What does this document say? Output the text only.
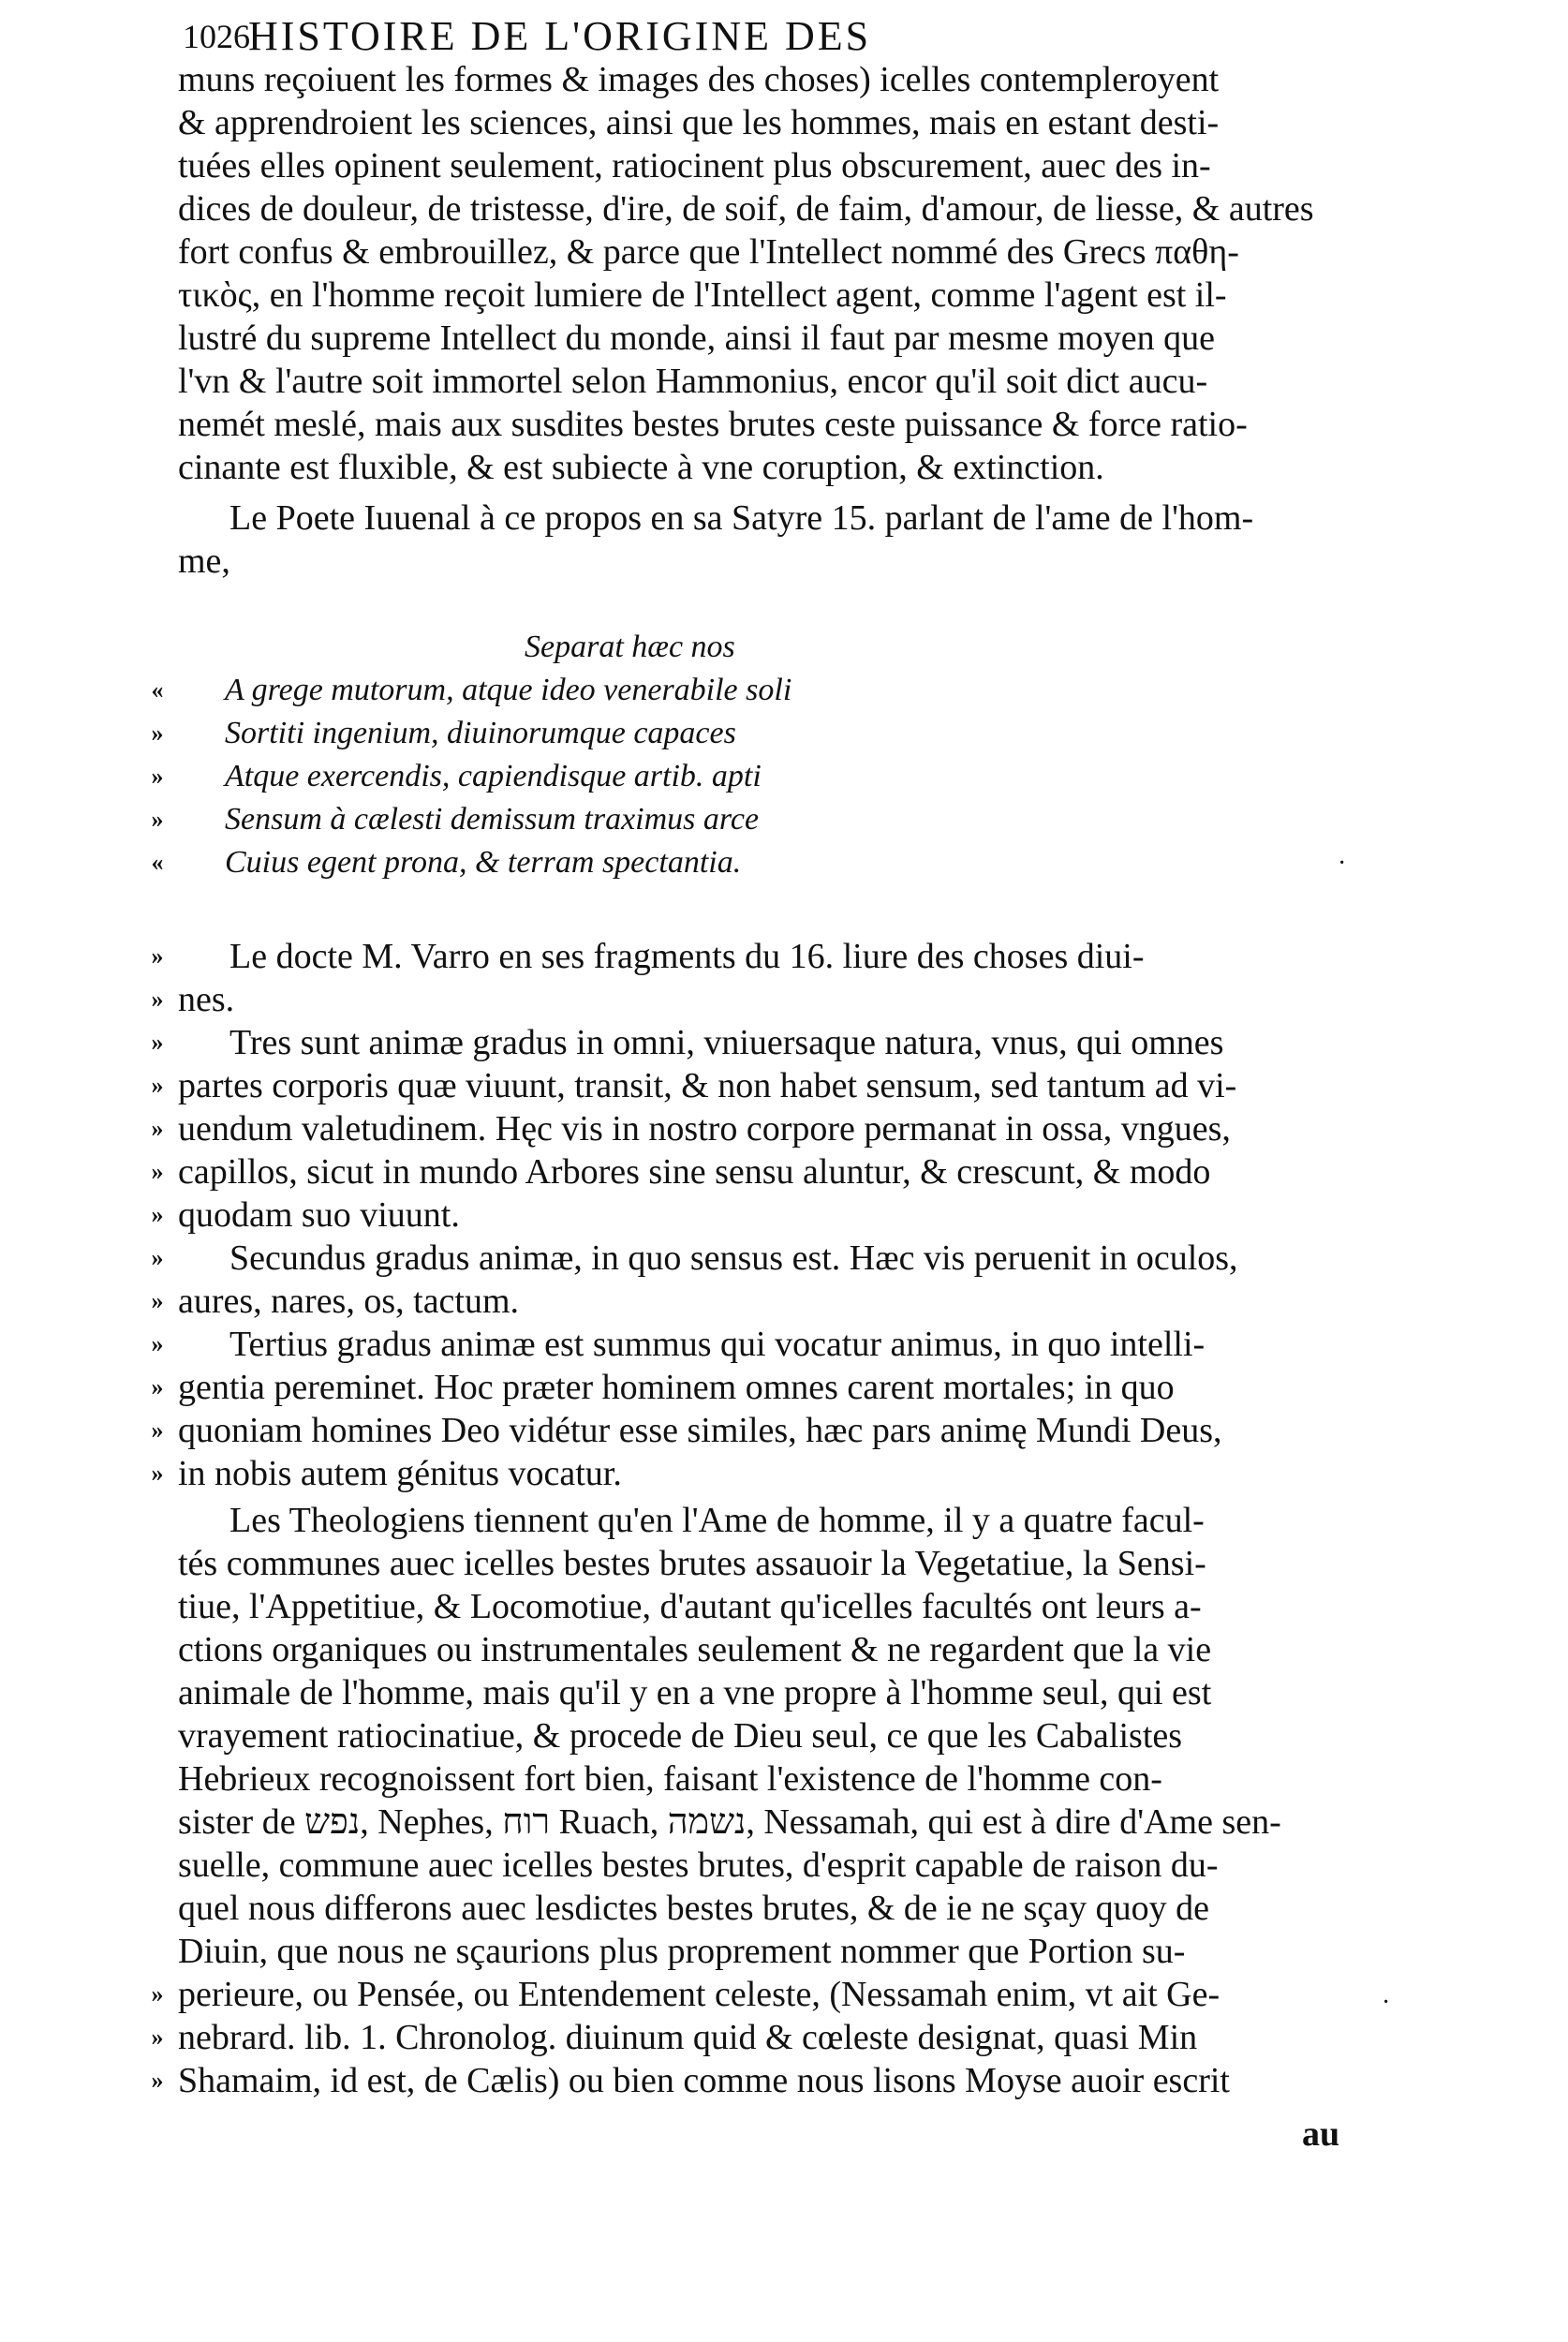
1026
HISTOIRE DE L'ORIGINE DES
muns reçoiuent les formes & images des choses) icelles contempleroyent
& apprendroient les sciences, ainsi que les hommes, mais en estant desti-
tuées elles opinent seulement, ratiocinent plus obscurement, auec des in-
dices de douleur, de tristesse, d'ire, de soif, de faim, d'amour, de liesse, & autres
fort confus & embrouillez, & parce que l'Intellect nommé des Grecs παθη-
τικὸς, en l'homme reçoit lumiere de l'Intellect agent, comme l'agent est il-
lustré du supreme Intellect du monde, ainsi il faut par mesme moyen que
l'vn & l'autre soit immortel selon Hammonius, encor qu'il soit dict aucu-
nemét meslé, mais aux susdites bestes brutes ceste puissance & force ratio-
cinante est fluxible, & est subiecte à vne coruption, & extinction.
Le Poete Iuuenal à ce propos en sa Satyre 15. parlant de l'ame de l'hom-
me,
Separat hæc nos
«	A grege mutorum, atque ideo venerabile soli
»	Sortiti ingenium, diuinorumque capaces
»	Atque exercendis, capiendisque artib. apti
»	Sensum à cælesti demissum traximus arce
«	Cuius egent prona, & terram spectantia.
»	Le docte M. Varro en ses fragments du 16. liure des choses diui-
» nes.
»	Tres sunt animæ gradus in omni, vniuersaque natura, vnus, qui omnes
» partes corporis quæ viuunt, transit, & non habet sensum, sed tantum ad vi-
» uendum valetudinem. Hęc vis in nostro corpore permanat in ossa, vngues,
» capillos, sicut in mundo Arbores sine sensu aluntur, & crescunt, & modo
» quodam suo viuunt.
»	Secundus gradus animæ, in quo sensus est. Hæc vis peruenit in oculos,
» aures, nares, os, tactum.
»	Tertius gradus animæ est summus qui vocatur animus, in quo intelli-
» gentia pereminet. Hoc præter hominem omnes carent mortales; in quo
» quoniam homines Deo vidétur esse similes, hæc pars animę Mundi Deus,
» in nobis autem génitus vocatur.
Les Theologiens tiennent qu'en l'Ame de homme, il y a quatre facul-
tés communes auec icelles bestes brutes assauoir la Vegetatiue, la Sensi-
tiue, l'Appetitiue, & Locomotiue, d'autant qu'icelles facultés ont leurs a-
ctions organiques ou instrumentales seulement & ne regardent que la vie
animale de l'homme, mais qu'il y en a vne propre à l'homme seul, qui est
vrayement ratiocinatiue, & procede de Dieu seul, ce que les Cabalistes
Hebrieux recognoissent fort bien, faisant l'existence de l'homme con-
sister de נפש, Nephes, רוח Ruach, נשמה, Nessamah, qui est à dire d'Ame sen-
suelle, commune auec icelles bestes brutes, d'esprit capable de raison du-
quel nous differons auec lesdictes bestes brutes, & de ie ne sçay quoy de
Diuin, que nous ne sçaurions plus proprement nommer que Portion su-
» perieure, ou Pensée, ou Entendement celeste, (Nessamah enim, vt ait Ge-
» nebrard. lib. 1. Chronolog. diuinum quid & cœleste designat, quasi Min
» Shamaim, id est, de Cælis) ou bien comme nous lisons Moyse auoir escrit
au
·
·
